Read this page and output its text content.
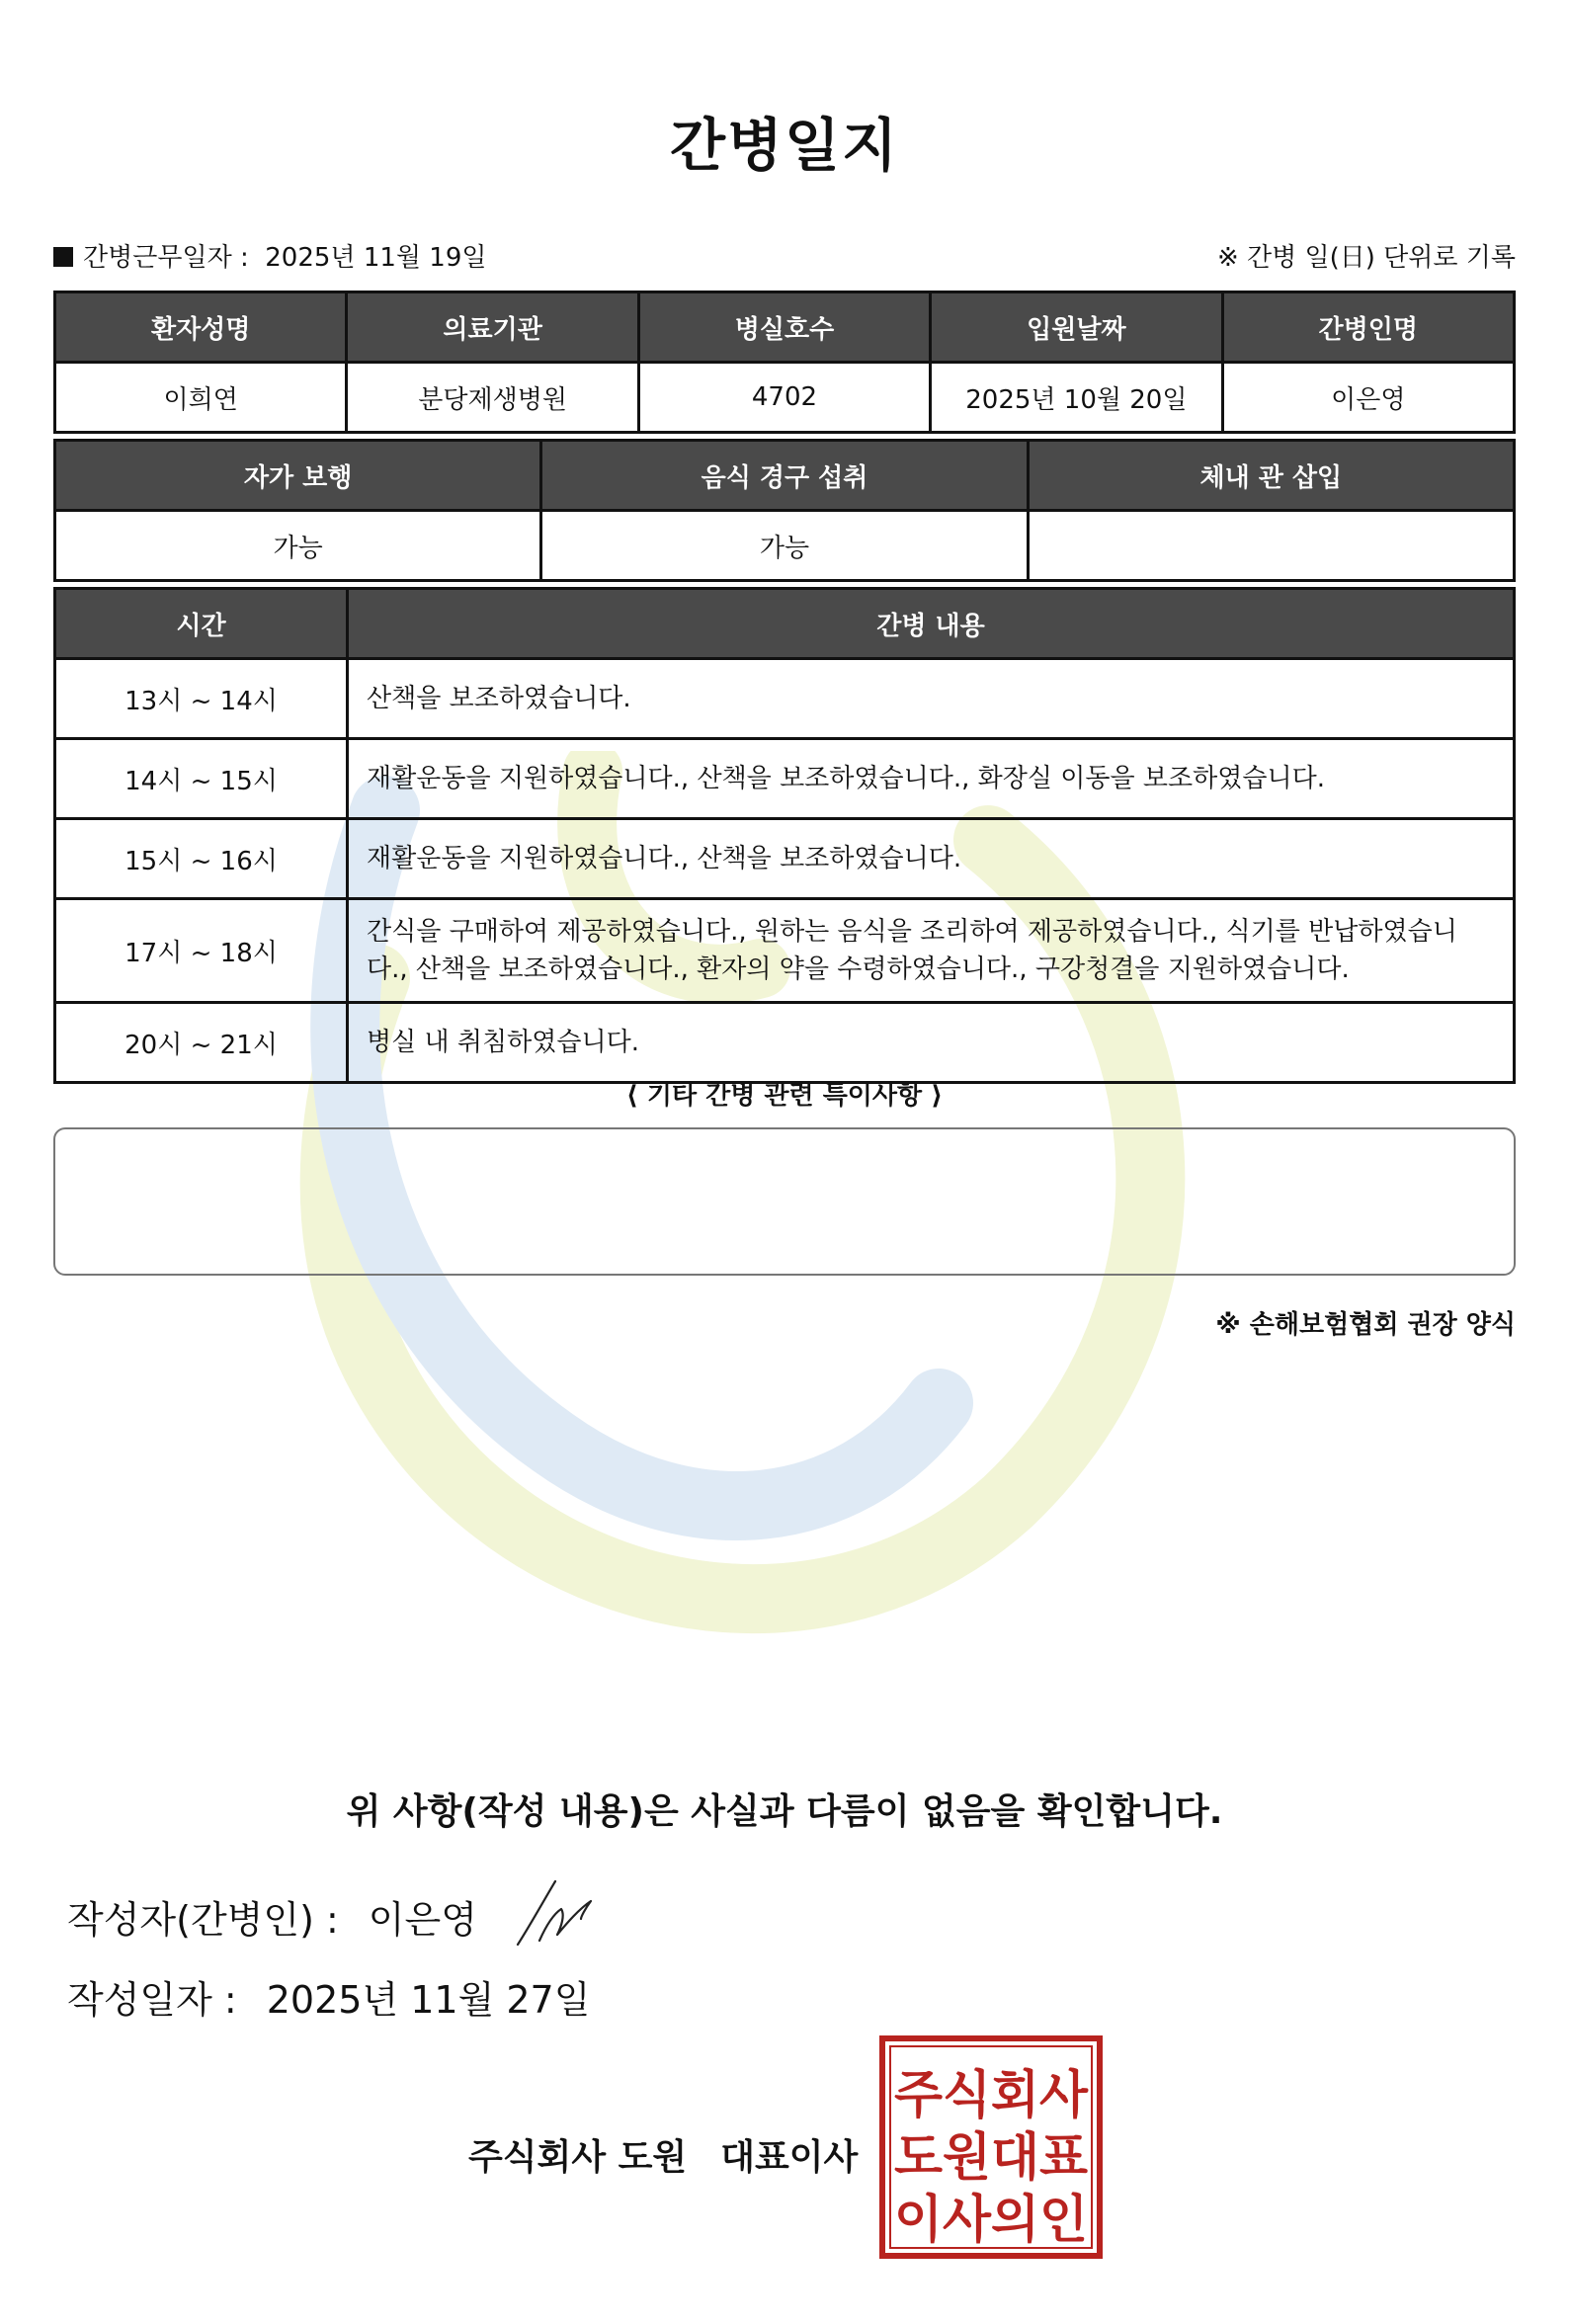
간병일지
간병근무일자 : 2025년 11월 19일	※ 간병 일(日) 단위로 기록
환자성명	의료기관	병실호수	입원날짜	간병인명
이희연	분당제생병원	4702	2025년 10월 20일	이은영
자가 보행	음식 경구 섭취	체내 관 삽입
가능	가능	
시간	간병 내용
13시 ~ 14시	산책을 보조하였습니다.
14시 ~ 15시	재활운동을 지원하였습니다., 산책을 보조하였습니다., 화장실 이동을 보조하였습니다.
15시 ~ 16시	재활운동을 지원하였습니다., 산책을 보조하였습니다.
17시 ~ 18시	간식을 구매하여 제공하였습니다., 원하는 음식을 조리하여 제공하였습니다., 식기를 반납하였습니다., 산책을 보조하였습니다., 환자의 약을 수령하였습니다., 구강청결을 지원하였습니다.
20시 ~ 21시	병실 내 취침하였습니다.
⟨ 기타 간병 관련 특이사항 ⟩
※ 손해보험협회 권장 양식
위 사항(작성 내용)은 사실과 다름이 없음을 확인합니다.
작성자(간병인) : 이은영
작성일자 : 2025년 11월 27일
주식회사 도원 대표이사
주식회사
도원대표
이사의인
